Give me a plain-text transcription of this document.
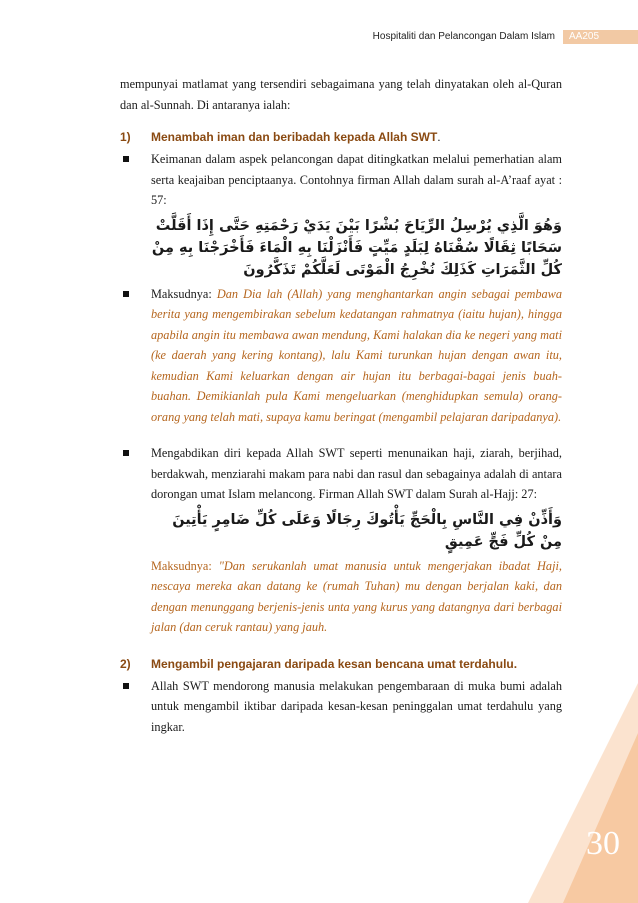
Hospitaliti dan Pelancongan Dalam Islam	AA205

mempunyai matlamat yang tersendiri sebagaimana yang telah dinyatakan oleh al-Quran dan al-Sunnah. Di antaranya ialah:

1) Menambah iman dan beribadah kepada Allah SWT.
Keimanan dalam aspek pelancongan dapat ditingkatkan melalui pemerhatian alam serta keajaiban penciptaanya. Contohnya firman Allah dalam surah al-A’raaf ayat : 57:

وَهُوَ الَّذِي يُرْسِلُ الرِّيَاحَ بُشْرًا بَيْنَ يَدَيْ رَحْمَتِهِ حَتَّى إِذَا أَقَلَّتْ سَحَابًا ثِقَالًا سُقْنَاهُ لِبَلَدٍ مَيِّتٍ فَأَنْزَلْنَا بِهِ الْمَاءَ فَأَخْرَجْنَا بِهِ مِنْ كُلِّ الثَّمَرَاتِ كَذَلِكَ نُخْرِجُ الْمَوْتَى لَعَلَّكُمْ تَذَكَّرُونَ

Maksudnya: Dan Dia lah (Allah) yang menghantarkan angin sebagai pembawa berita yang mengembirakan sebelum kedatangan rahmatnya (iaitu hujan), hingga apabila angin itu membawa awan mendung, Kami halakan dia ke negeri yang mati (ke daerah yang kering kontang), lalu Kami turunkan hujan dengan awan itu, kemudian Kami keluarkan dengan air hujan itu berbagai-bagai jenis buah-buahan. Demikianlah pula Kami mengeluarkan (menghidupkan semula) orang-orang yang telah mati, supaya kamu beringat (mengambil pelajaran daripadanya).
Mengabdikan diri kepada Allah SWT seperti menunaikan haji, ziarah, berjihad, berdakwah, menziarahi makam para nabi dan rasul dan sebagainya adalah di antara dorongan umat Islam melancong. Firman Allah SWT dalam Surah al-Hajj: 27:

وَأَذِّنْ فِي النَّاسِ بِالْحَجِّ يَأْتُوكَ رِجَالًا وَعَلَى كُلِّ ضَامِرٍ يَأْتِينَ مِنْ كُلِّ فَجٍّ عَمِيقٍ

Maksudnya: "Dan serukanlah umat manusia untuk mengerjakan ibadat Haji, nescaya mereka akan datang ke (rumah Tuhan) mu dengan berjalan kaki, dan dengan menunggang berjenis-jenis unta yang kurus yang datangnya dari berbagai jalan (dan ceruk rantau) yang jauh.

2) Mengambil pengajaran daripada kesan bencana umat terdahulu.
Allah SWT mendorong manusia melakukan pengembaraan di muka bumi adalah untuk mengambil iktibar daripada kesan-kesan peninggalan umat terdahulu yang ingkar.
30
